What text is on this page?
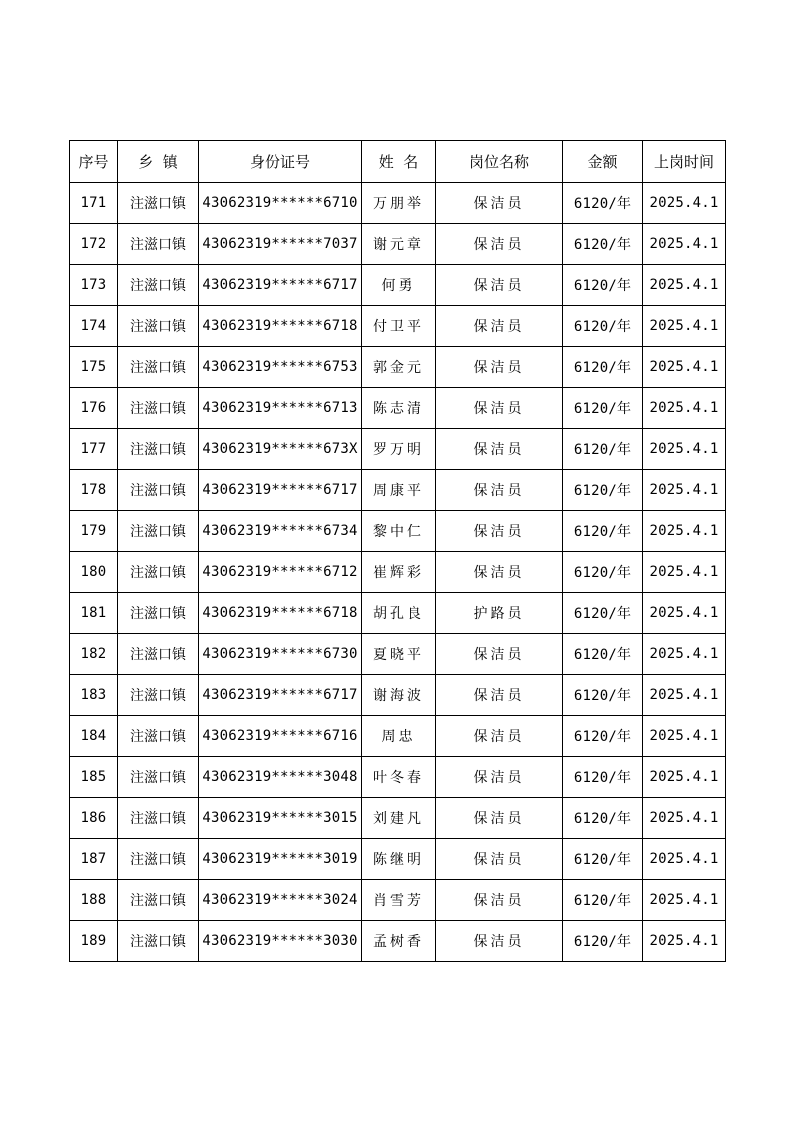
序号	乡  镇	身份证号	姓  名	岗位名称	金额	上岗时间
171	注滋口镇	43062319******6710	万朋举	保洁员	6120/年	2025.4.1
172	注滋口镇	43062319******7037	谢元章	保洁员	6120/年	2025.4.1
173	注滋口镇	43062319******6717	何勇	保洁员	6120/年	2025.4.1
174	注滋口镇	43062319******6718	付卫平	保洁员	6120/年	2025.4.1
175	注滋口镇	43062319******6753	郭金元	保洁员	6120/年	2025.4.1
176	注滋口镇	43062319******6713	陈志清	保洁员	6120/年	2025.4.1
177	注滋口镇	43062319******673X	罗万明	保洁员	6120/年	2025.4.1
178	注滋口镇	43062319******6717	周康平	保洁员	6120/年	2025.4.1
179	注滋口镇	43062319******6734	黎中仁	保洁员	6120/年	2025.4.1
180	注滋口镇	43062319******6712	崔辉彩	保洁员	6120/年	2025.4.1
181	注滋口镇	43062319******6718	胡孔良	护路员	6120/年	2025.4.1
182	注滋口镇	43062319******6730	夏晓平	保洁员	6120/年	2025.4.1
183	注滋口镇	43062319******6717	谢海波	保洁员	6120/年	2025.4.1
184	注滋口镇	43062319******6716	周忠	保洁员	6120/年	2025.4.1
185	注滋口镇	43062319******3048	叶冬春	保洁员	6120/年	2025.4.1
186	注滋口镇	43062319******3015	刘建凡	保洁员	6120/年	2025.4.1
187	注滋口镇	43062319******3019	陈继明	保洁员	6120/年	2025.4.1
188	注滋口镇	43062319******3024	肖雪芳	保洁员	6120/年	2025.4.1
189	注滋口镇	43062319******3030	孟树香	保洁员	6120/年	2025.4.1
